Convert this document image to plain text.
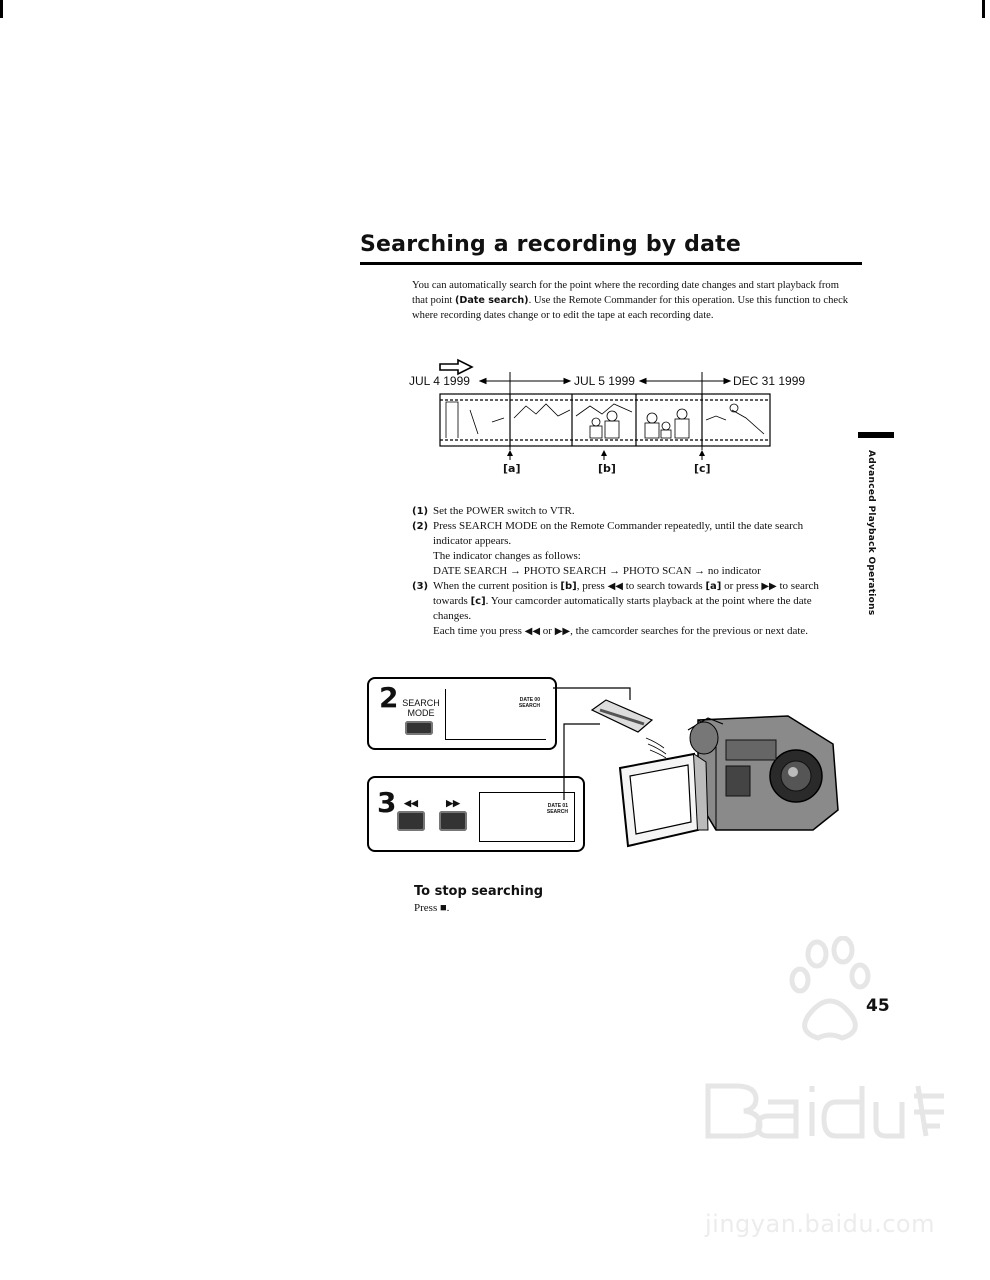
Searching a recording by date

You can automatically search for the point where the recording date changes and start playback from that point (Date search). Use the Remote Commander for this operation. Use this function to check where recording dates change or to edit the tape at each recording date.

JUL 4 1999	JUL 5 1999	DEC 31 1999
[a]	[b]	[c]
(1) Set the POWER switch to VTR.
(2) Press SEARCH MODE on the Remote Commander repeatedly, until the date search indicator appears.
The indicator changes as follows:
DATE SEARCH → PHOTO SEARCH → PHOTO SCAN → no indicator
(3) When the current position is [b], press ◀◀ to search towards [a] or press ▶▶ to search towards [c]. Your camcorder automatically starts playback at the point where the date changes.
Each time you press ◀◀ or ▶▶, the camcorder searches for the previous or next date.
2 SEARCH MODE
DATE 00 SEARCH
3 ◀◀	▶▶	DATE 01 SEARCH
To stop searching

Press ■.

Advanced Playback Operations
45
jingyan.baidu.com
